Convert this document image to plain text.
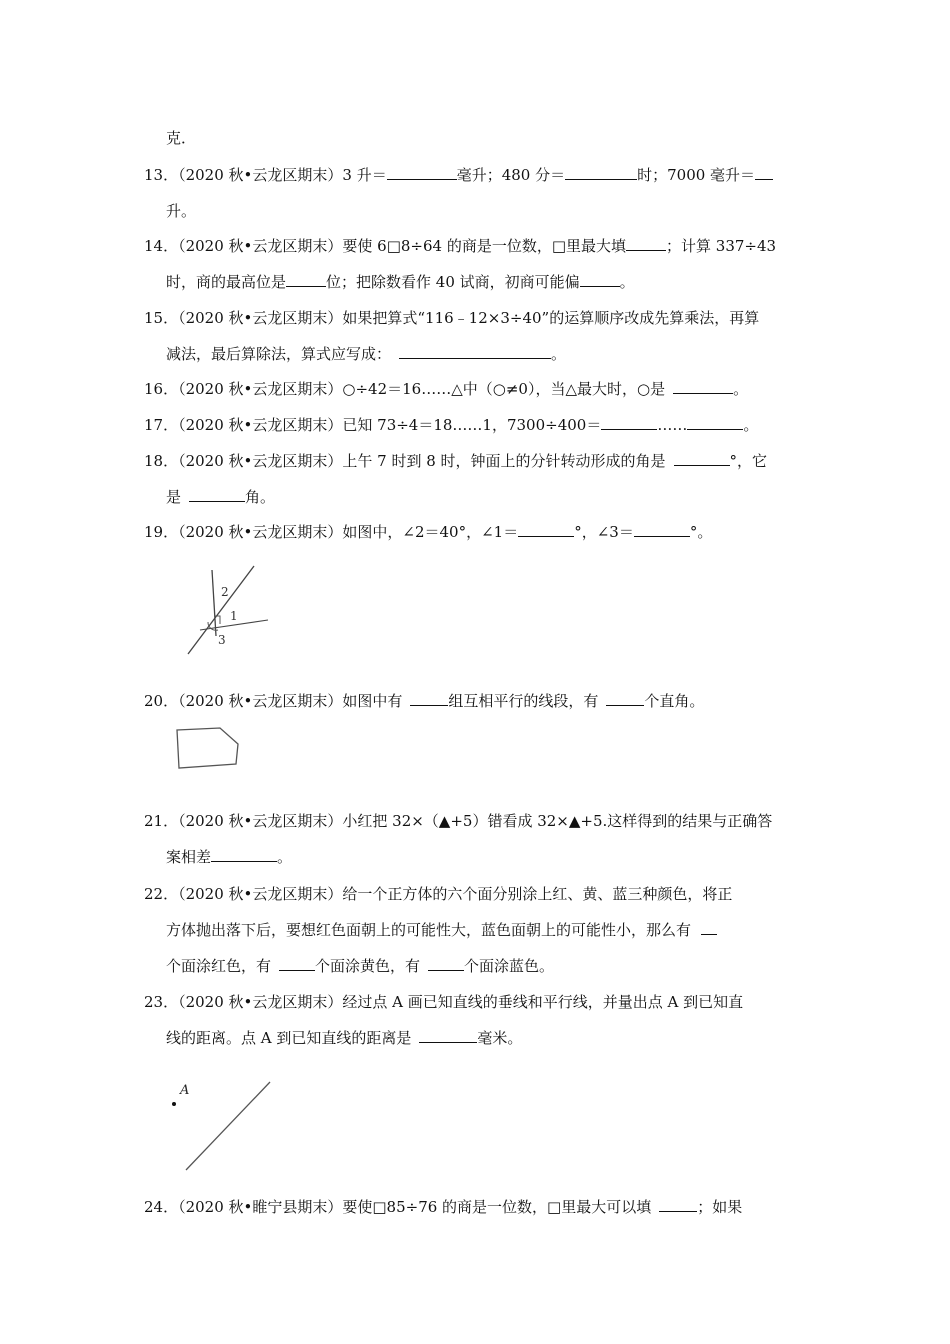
克．
13．（2020 秋•云龙区期末）3 升＝	毫升；480 分＝	时；7000 毫升＝
升。
14．（2020 秋•云龙区期末）要使 6□8÷64 的商是一位数，□里最大填	；计算 337÷43
时，商的最高位是	位；把除数看作 40 试商，初商可能偏	。
15．（2020 秋•云龙区期末）如果把算式“116﹣12×3÷40”的运算顺序改成先算乘法，再算
减法，最后算除法，算式应写成：	。
16．（2020 秋•云龙区期末）○÷42＝16……△中（○≠0），当△最大时，○是	。
17．（2020 秋•云龙区期末）已知 73÷4＝18……1，7300÷400＝	……	。
18．（2020 秋•云龙区期末）上午 7 时到 8 时，钟面上的分针转动形成的角是	°，它
是	角。
19．（2020 秋•云龙区期末）如图中，∠2＝40°，∠1＝	°，∠3＝	°。
2
1
3
20．（2020 秋•云龙区期末）如图中有	组互相平行的线段，有	个直角。
21．（2020 秋•云龙区期末）小红把 32×（▲+5）错看成 32×▲+5.这样得到的结果与正确答
案相差	。
22．（2020 秋•云龙区期末）给一个正方体的六个面分别涂上红、黄、蓝三种颜色，将正
方体抛出落下后，要想红色面朝上的可能性大，蓝色面朝上的可能性小，那么有
个面涂红色，有	个面涂黄色，有	个面涂蓝色。
23．（2020 秋•云龙区期末）经过点 A 画已知直线的垂线和平行线，并量出点 A 到已知直
线的距离。点 A 到已知直线的距离是	毫米。
A
24．（2020 秋•睢宁县期末）要使□85÷76 的商是一位数，□里最大可以填	；如果
